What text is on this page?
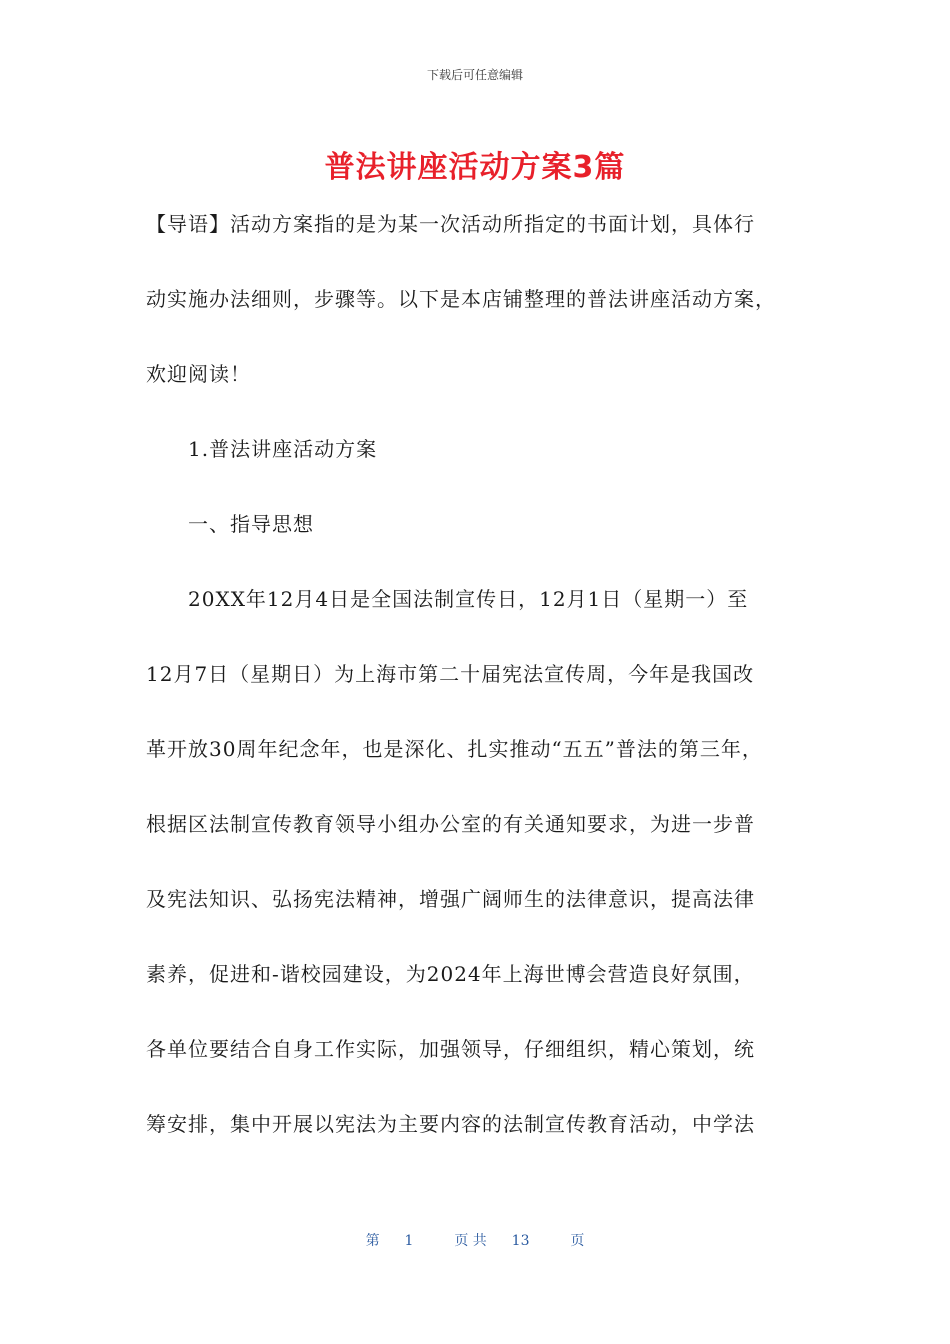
下载后可任意编辑
普法讲座活动方案3篇
【导语】活动方案指的是为某一次活动所指定的书面计划，具体行
动实施办法细则，步骤等。以下是本店铺整理的普法讲座活动方案，
欢迎阅读！
1.普法讲座活动方案
一、指导思想
20XX年12月4日是全国法制宣传日，12月1日（星期一）至
12月7日（星期日）为上海市第二十届宪法宣传周，今年是我国改
革开放30周年纪念年，也是深化、扎实推动“五五”普法的第三年，
根据区法制宣传教育领导小组办公室的有关通知要求，为进一步普
及宪法知识、弘扬宪法精神，增强广阔师生的法律意识，提高法律
素养，促进和-谐校园建设，为2024年上海世博会营造良好氛围，
各单位要结合自身工作实际，加强领导，仔细组织，精心策划，统
筹安排，集中开展以宪法为主要内容的法制宣传教育活动，中学法
第 1	页 共 13	页
